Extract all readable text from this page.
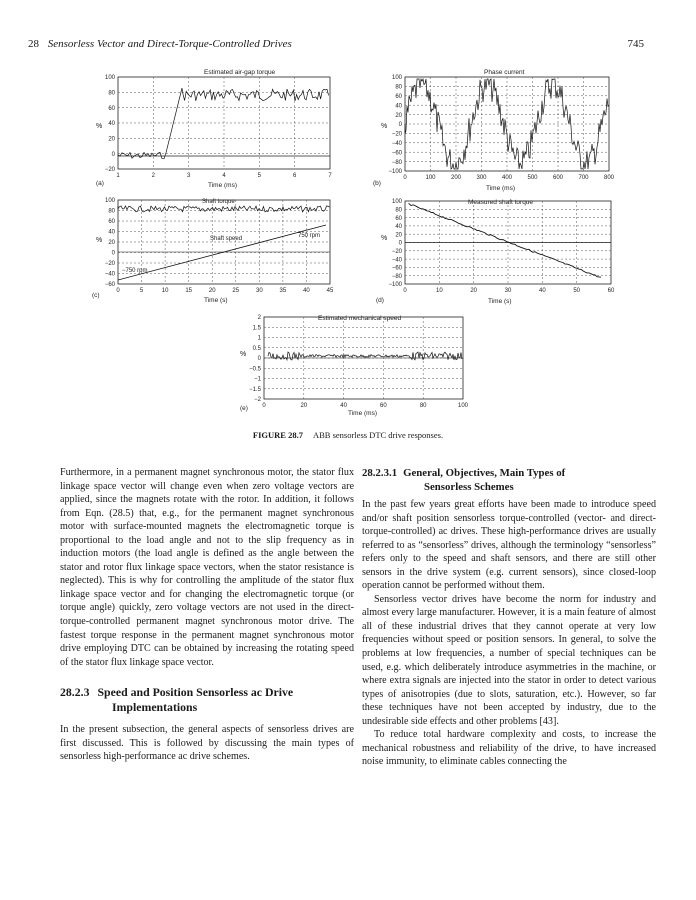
28 Sensorless Vector and Direct-Torque-Controlled Drives	745
Estimated air-gap torque
100
80
60
40
20
0
−20
1	2	3	4	5	6	7
%
Time (ms)
(a)
Phase current
100
80
60
40
20
0
−20
−40
−60
−80
−100
0	100	200	300	400	500	600	700	800
%
Time (ms)
(b)
100
80
60
40
20
0
−20
−40
−60
0	5	10	15	20	25	30	35	40	45
Shaft torque
Shaft speed	750 rpm
−750 rpm
%
Time (s)
(c)
Measured shaft torque
100
80
60
40
20
0
−20
−40
−60
−80
−100
0	10	20	30	40	50	60
%
Time (s)
(d)
Estimated mechanical speed
2
1.5
1
0.5
0
−0.5
−1
−1.5
−2
0	20	40	60	80	100
%
Time (ms)
(e)
FIGURE 28.7 ABB sensorless DTC drive responses.

Furthermore, in a permanent magnet synchronous motor, the stator flux linkage space vector will change even when zero voltage vectors are applied, since the magnets rotate with the rotor. In addition, it follows from Eqn. (28.5) that, e.g., for the permanent magnet synchronous motor with surface-mounted magnets the electromagnetic torque is proportional to the load angle and not to the slip frequency as in induction motors (the load angle is defined as the angle between the stator and rotor flux linkage space vectors, when the stator resistance is neglected). This is why for controlling the amplitude of the stator flux linkage space vector and for changing the electromagnetic torque (or torque angle) quickly, zero voltage vectors are not used in the direct-torque-controlled permanent magnet synchronous motor drive. The fastest torque response in the permanent magnet synchronous motor drive employing DTC can be obtained by increasing the rotating speed of the stator flux linkage space vector.

28.2.3 Speed and Position Sensorless ac Drive
Implementations

In the present subsection, the general aspects of sensorless drives are first discussed. This is followed by discussing the main types of sensorless high-performance ac drive schemes.

28.2.3.1 General, Objectives, Main Types of
Sensorless Schemes

In the past few years great efforts have been made to introduce speed and/or shaft position sensorless torque-controlled (vector- and direct-torque-controlled) ac drives. These high-performance drives are usually referred to as “sensorless” drives, although the terminology “sensorless” refers only to the speed and shaft sensors, and there are still other sensors in the drive system (e.g. current sensors), since closed-loop operation cannot be performed without them.

Sensorless vector drives have become the norm for industry and almost every large manufacturer. However, it is a main feature of almost all of these industrial drives that they cannot operate at very low frequencies without speed or position sensors. In general, to solve the problems at low frequencies, a number of special techniques can be used, e.g. which deliberately introduce asymmetries in the machine, or where extra signals are injected into the stator in order to detect various types of anisotropies (due to slots, saturation, etc.). However, so far these techniques have not been accepted by industry, due to the undesirable side effects and other problems [43].

To reduce total hardware complexity and costs, to increase the mechanical robustness and reliability of the drive, to have increased noise immunity, to eliminate cables connecting the
